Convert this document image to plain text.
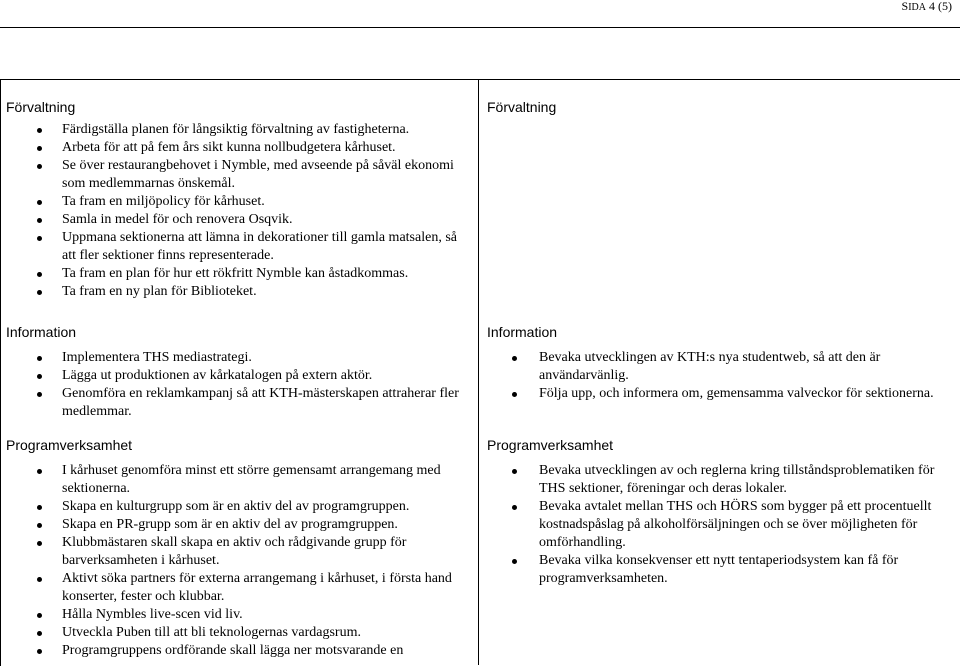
SIDA 4 (5)
Förvaltning
Färdigställa planen för långsiktig förvaltning av fastigheterna.
Arbeta för att på fem års sikt kunna nollbudgetera kårhuset.
Se över restaurangbehovet i Nymble, med avseende på såväl ekonomi som medlemmarnas önskemål.
Ta fram en miljöpolicy för kårhuset.
Samla in medel för och renovera Osqvik.
Uppmana sektionerna att lämna in dekorationer till gamla matsalen, så att fler sektioner finns representerade.
Ta fram en plan för hur ett rökfritt Nymble kan åstadkommas.
Ta fram en ny plan för Biblioteket.
Information
Implementera THS mediastrategi.
Lägga ut produktionen av kårkatalogen på extern aktör.
Genomföra en reklamkampanj så att KTH-mästerskapen attraherar fler medlemmar.
Programverksamhet
I kårhuset genomföra minst ett större gemensamt arrangemang med sektionerna.
Skapa en kulturgrupp som är en aktiv del av programgruppen.
Skapa en PR-grupp som är en aktiv del av programgruppen.
Klubbmästaren skall skapa en aktiv och rådgivande grupp för barverksamheten i kårhuset.
Aktivt söka partners för externa arrangemang i kårhuset, i första hand konserter, fester och klubbar.
Hålla Nymbles live-scen vid liv.
Utveckla Puben till att bli teknologernas vardagsrum.
Programgruppens ordförande skall lägga ner motsvarande en
Förvaltning
Information
Bevaka utvecklingen av KTH:s nya studentweb, så att den är användarvänlig.
Följa upp, och informera om, gemensamma valveckor för sektionerna.
Programverksamhet
Bevaka utvecklingen av och reglerna kring tillståndsproblematiken för THS sektioner, föreningar och deras lokaler.
Bevaka avtalet mellan THS och HÖRS som bygger på ett procentuellt kostnadspåslag på alkoholförsäljningen och se över möjligheten för omförhandling.
Bevaka vilka konsekvenser ett nytt tentaperiodsystem kan få för programverksamheten.
